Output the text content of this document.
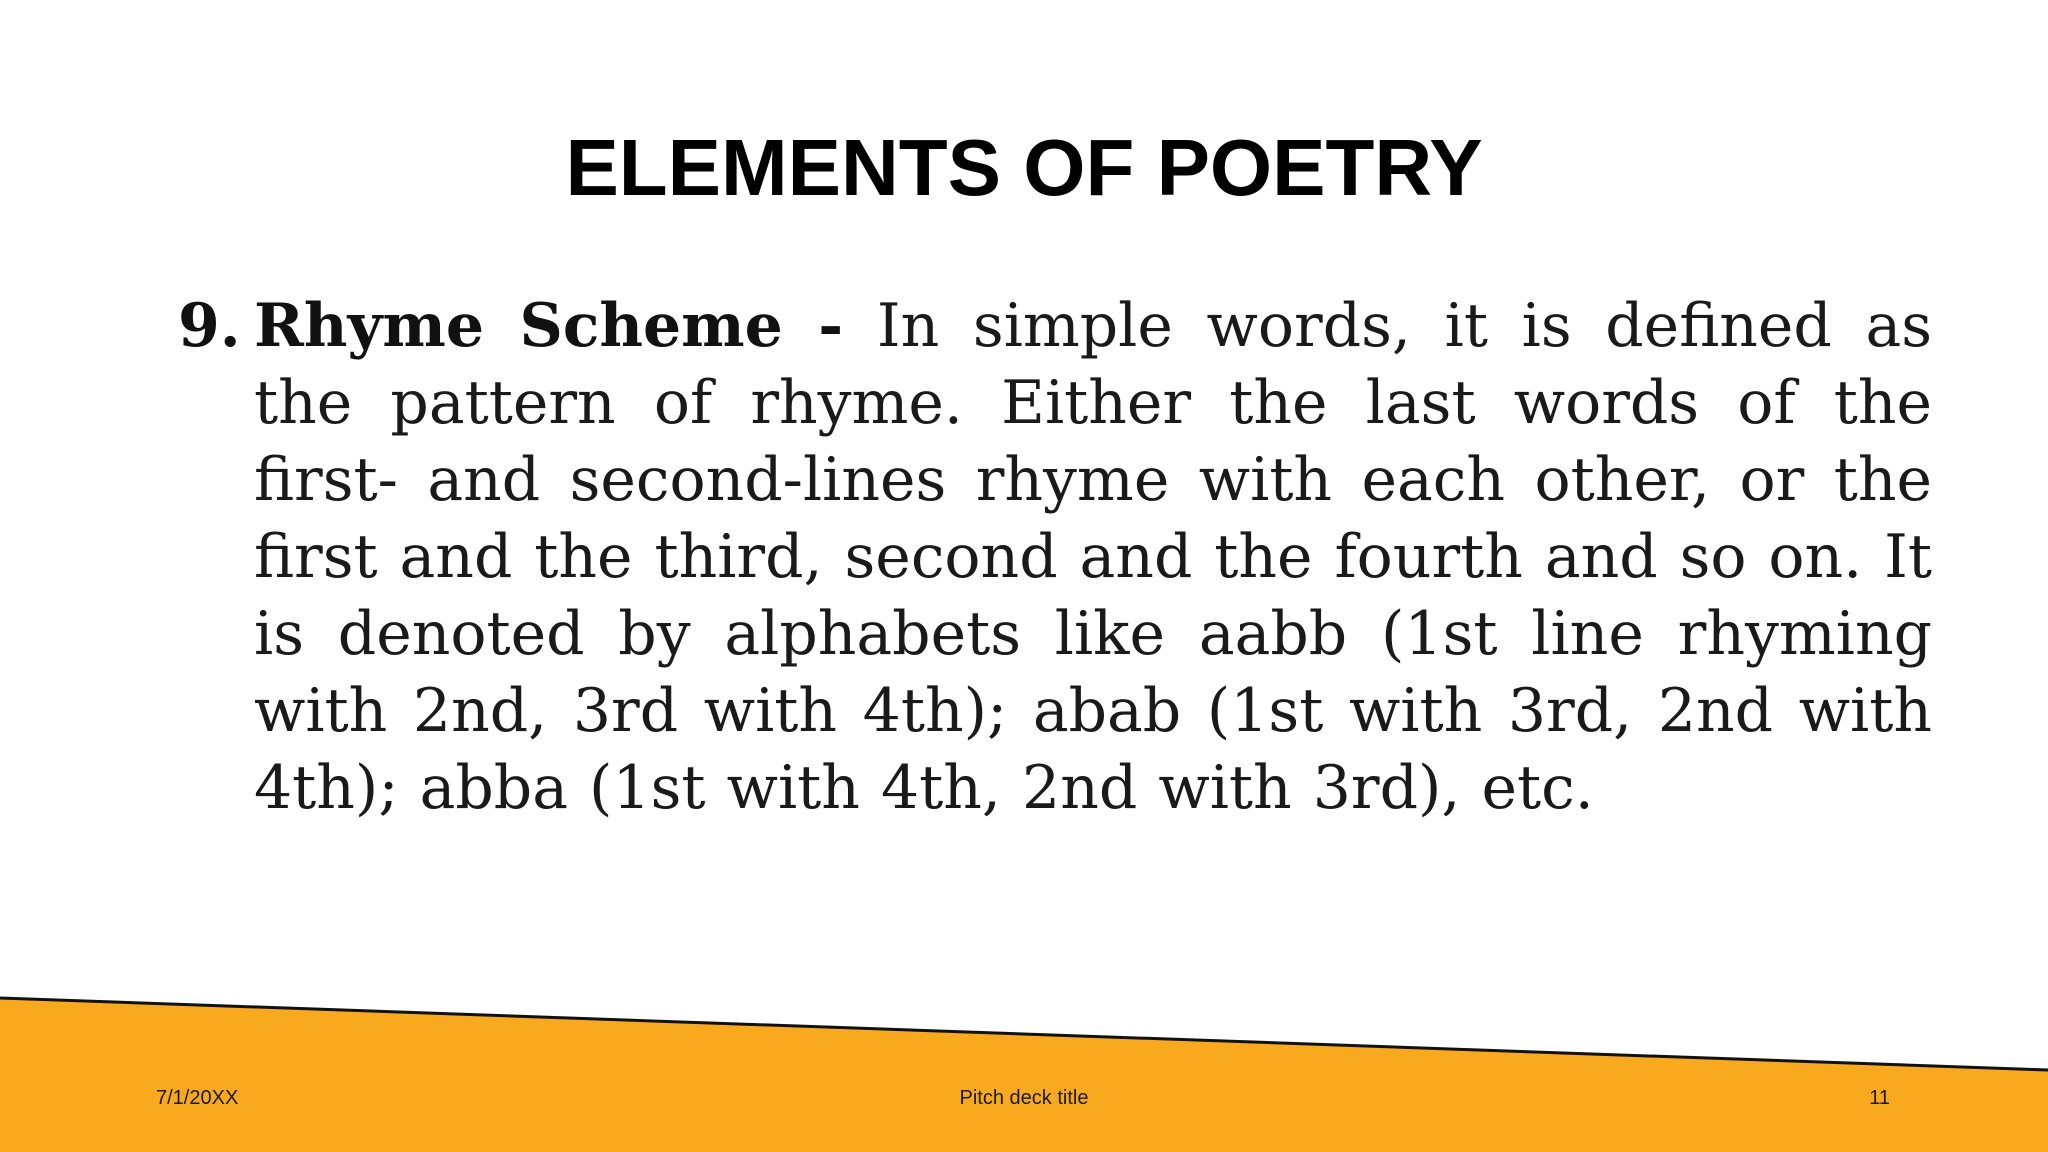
ELEMENTS OF POETRY
9. Rhyme Scheme - In simple words, it is defined as the pattern of rhyme. Either the last words of the first- and second-lines rhyme with each other, or the first and the third, second and the fourth and so on. It is denoted by alphabets like aabb (1st line rhyming with 2nd, 3rd with 4th); abab (1st with 3rd, 2nd with 4th); abba (1st with 4th, 2nd with 3rd), etc.
7/1/20XX	Pitch deck title	11
